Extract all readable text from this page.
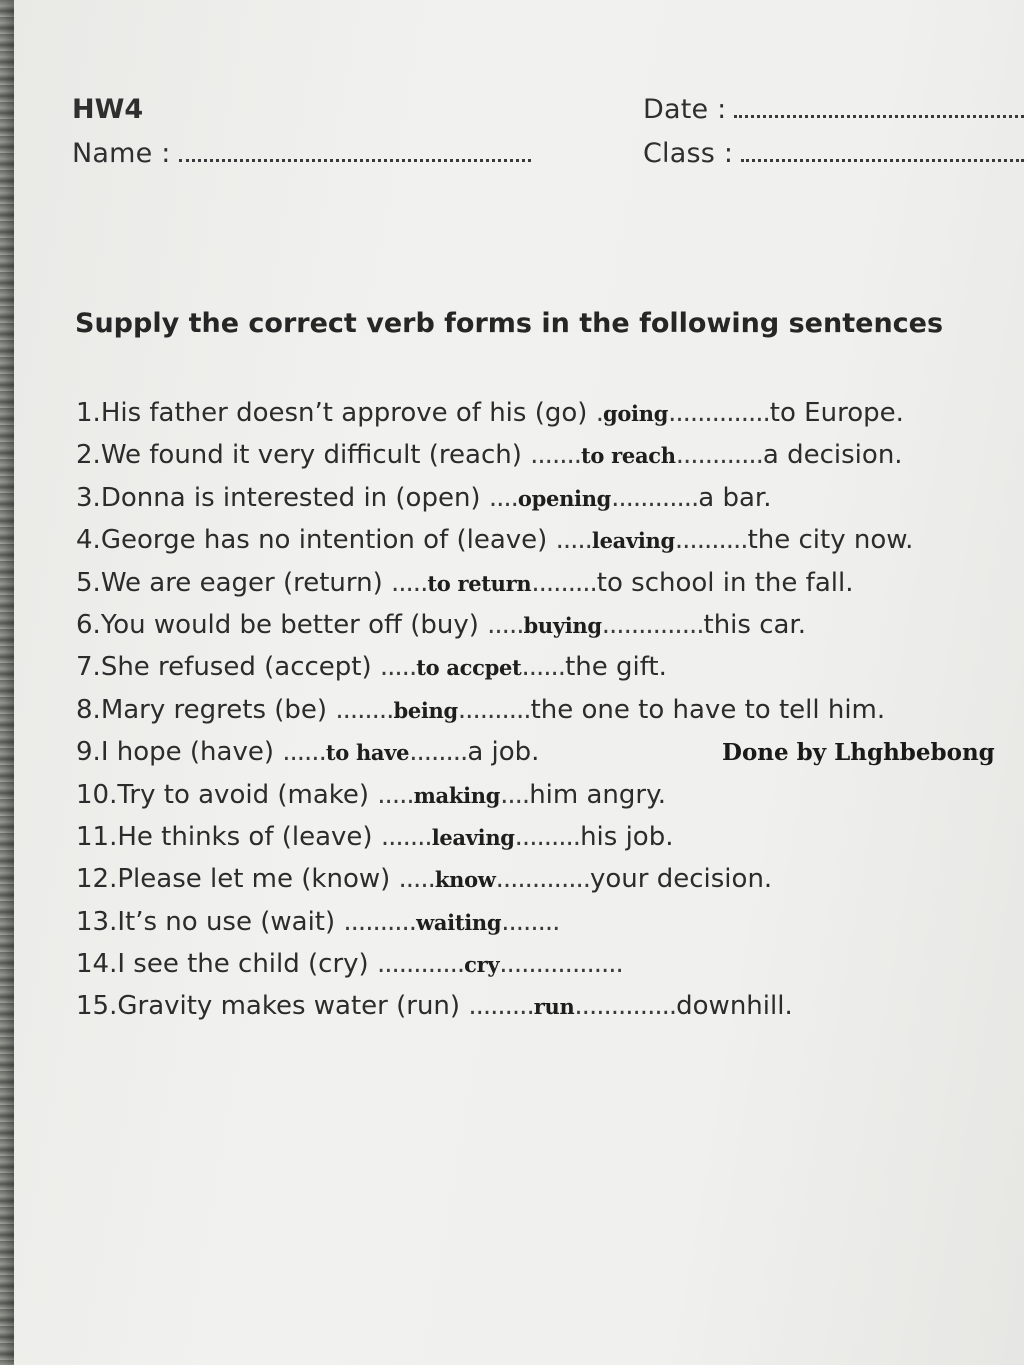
HW4
Name :
Date :
Class :
Supply the correct verb forms in the following sentences
1.His father doesn’t approve of his (go) .going..............to Europe.
2.We found it very difficult (reach) .......to reach............a decision.
3.Donna is interested in (open) ....opening............a bar.
4.George has no intention of (leave) .....leaving..........the city now.
5.We are eager (return) .....to return.........to school in the fall.
6.You would be better off (buy) .....buying..............this car.
7.She refused (accept) .....to accpet......the gift.
8.Mary regrets (be) ........being..........the one to have to tell him.
9.I hope (have) ......to have........a job.
10.Try to avoid (make) .....making....him angry.
11.He thinks of (leave) .......leaving.........his job.
12.Please let me (know) .....know.............your decision.
13.It’s no use (wait) ..........waiting........
14.I see the child (cry) ............cry.................
15.Gravity makes water (run) .........run..............downhill.
Done by Lhghbebong
